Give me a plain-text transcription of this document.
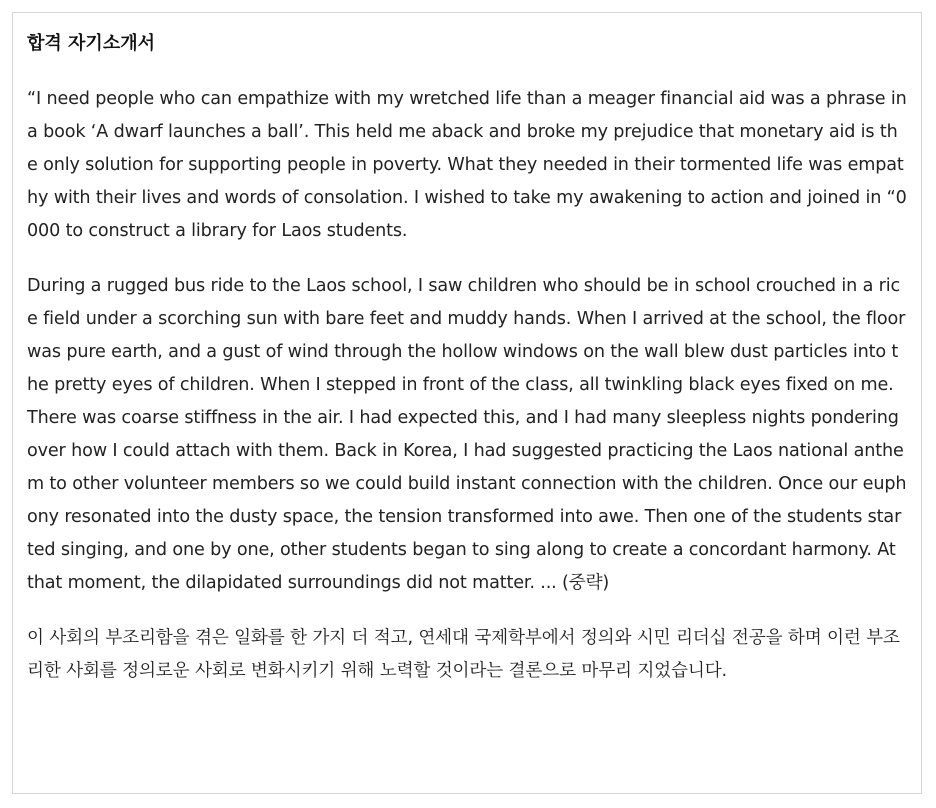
합격 자기소개서

“I need people who can empathize with my wretched life than a meager financial aid was a phrase in a book ‘A dwarf launches a ball’. This held me aback and broke my prejudice that monetary aid is the only solution for supporting people in poverty. What they needed in their tormented life was empathy with their lives and words of consolation. I wished to take my awakening to action and joined in “0000 to construct a library for Laos students.

During a rugged bus ride to the Laos school, I saw children who should be in school crouched in a rice field under a scorching sun with bare feet and muddy hands. When I arrived at the school, the floor was pure earth, and a gust of wind through the hollow windows on the wall blew dust particles into the pretty eyes of children. When I stepped in front of the class, all twinkling black eyes fixed on me. There was coarse stiffness in the air. I had expected this, and I had many sleepless nights pondering over how I could attach with them. Back in Korea, I had suggested practicing the Laos national anthem to other volunteer members so we could build instant connection with the children. Once our euphony resonated into the dusty space, the tension transformed into awe. Then one of the students started singing, and one by one, other students began to sing along to create a concordant harmony. At that moment, the dilapidated surroundings did not matter. ... (중략)

이 사회의 부조리함을 겪은 일화를 한 가지 더 적고, 연세대 국제학부에서 정의와 시민 리더십 전공을 하며 이런 부조리한 사회를 정의로운 사회로 변화시키기 위해 노력할 것이라는 결론으로 마무리 지었습니다.
